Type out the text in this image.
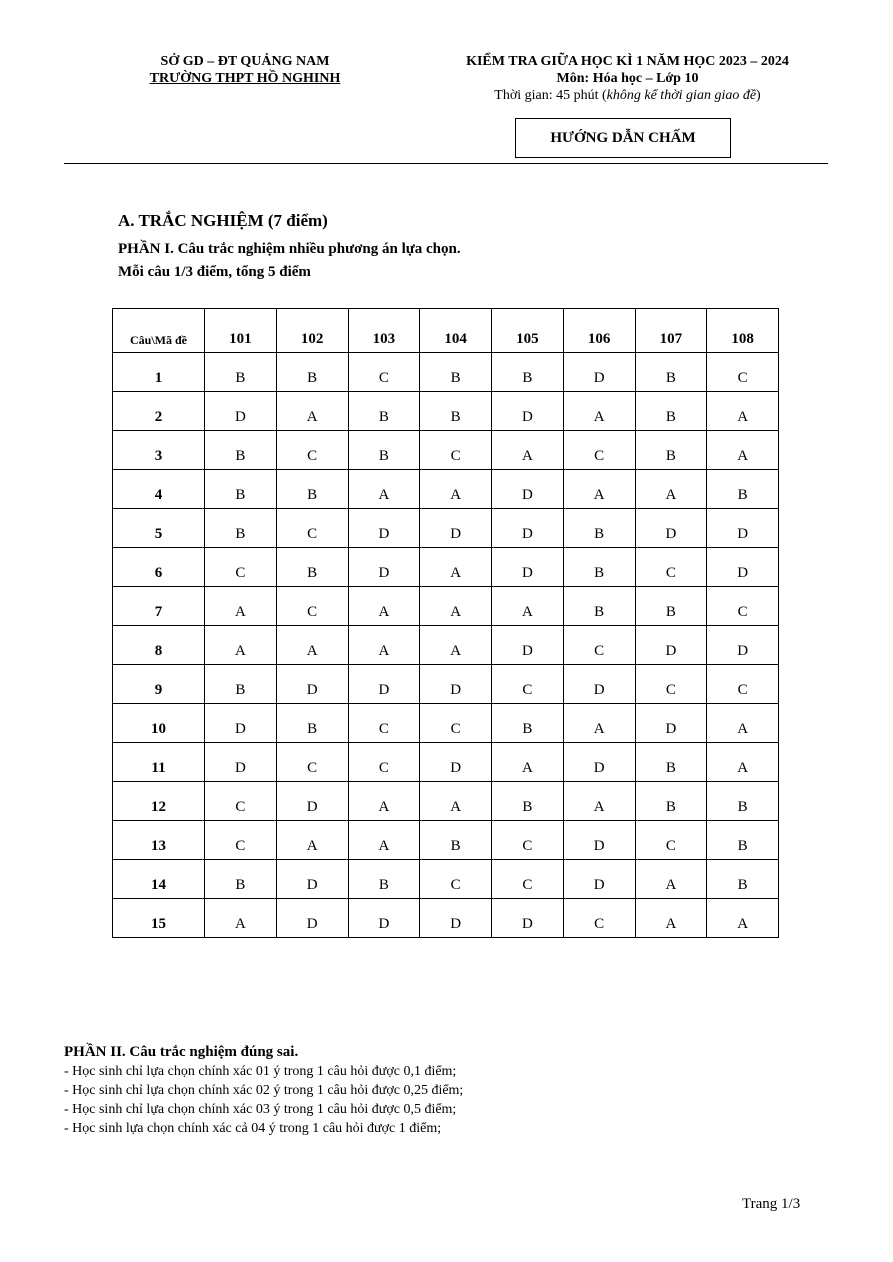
SỞ GD – ĐT QUẢNG NAM
TRƯỜNG THPT HỒ NGHINH
KIỂM TRA GIỮA HỌC KÌ 1 NĂM HỌC 2023 – 2024
Môn: Hóa học – Lớp 10
Thời gian: 45 phút (không kể thời gian giao đề)
HƯỚNG DẪN CHẤM
A. TRẮC NGHIỆM (7 điểm)
PHẦN I. Câu trắc nghiệm nhiều phương án lựa chọn.
Mỗi câu 1/3 điểm, tổng 5 điểm
Câu\Mã đề	101	102	103	104	105	106	107	108
1	B	B	C	B	B	D	B	C
2	D	A	B	B	D	A	B	A
3	B	C	B	C	A	C	B	A
4	B	B	A	A	D	A	A	B
5	B	C	D	D	D	B	D	D
6	C	B	D	A	D	B	C	D
7	A	C	A	A	A	B	B	C
8	A	A	A	A	D	C	D	D
9	B	D	D	D	C	D	C	C
10	D	B	C	C	B	A	D	A
11	D	C	C	D	A	D	B	A
12	C	D	A	A	B	A	B	B
13	C	A	A	B	C	D	C	B
14	B	D	B	C	C	D	A	B
15	A	D	D	D	D	C	A	A
PHẦN II. Câu trắc nghiệm đúng sai.
- Học sinh chỉ lựa chọn chính xác 01 ý trong 1 câu hỏi được 0,1 điểm;
- Học sinh chỉ lựa chọn chính xác 02 ý trong 1 câu hỏi được 0,25 điểm;
- Học sinh chỉ lựa chọn chính xác 03 ý trong 1 câu hỏi được 0,5 điểm;
- Học sinh lựa chọn chính xác cả 04 ý trong 1 câu hỏi được 1 điểm;
Trang 1/3
